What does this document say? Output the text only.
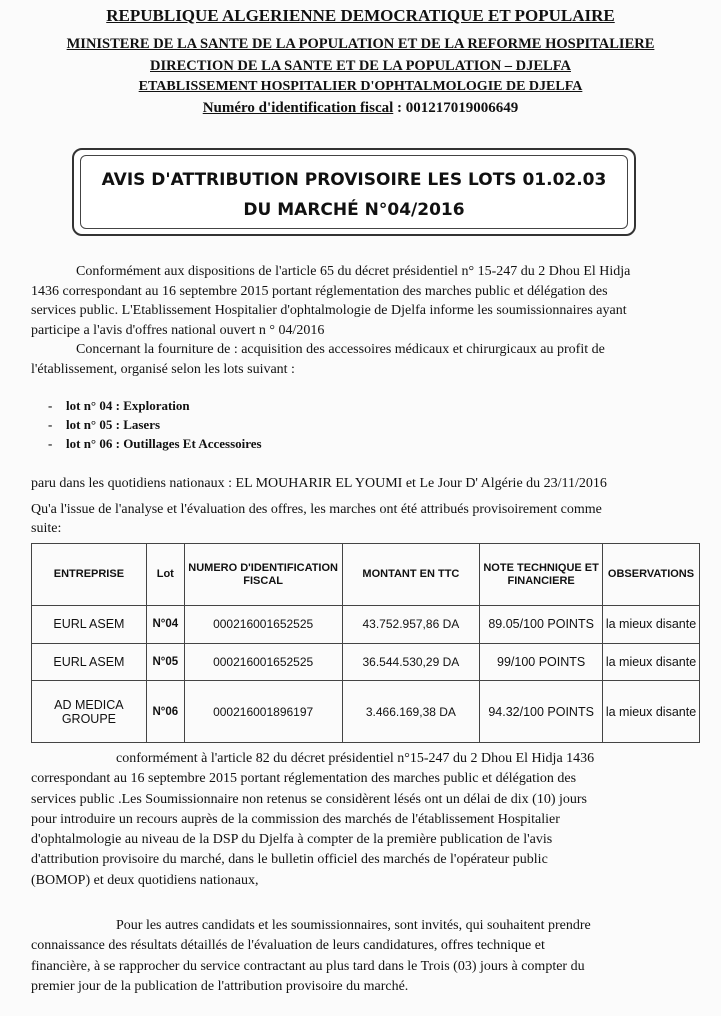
REPUBLIQUE ALGERIENNE DEMOCRATIQUE ET POPULAIRE
MINISTERE DE LA SANTE DE LA POPULATION ET DE LA REFORME HOSPITALIERE
DIRECTION DE LA SANTE ET DE LA POPULATION – DJELFA
ETABLISSEMENT HOSPITALIER D'OPHTALMOLOGIE DE DJELFA
Numéro d'identification fiscal : 001217019006649
AVIS D'ATTRIBUTION PROVISOIRE LES LOTS 01.02.03
DU MARCHÉ N°04/2016
Conformément aux dispositions de l'article 65 du décret présidentiel n° 15-247 du 2 Dhou El Hidja
1436 correspondant au 16 septembre 2015 portant réglementation des marches public et délégation des
services public. L'Etablissement Hospitalier d'ophtalmologie de Djelfa informe les soumissionnaires ayant
participe a l'avis d'offres national ouvert n ° 04/2016
Concernant la fourniture de : acquisition des accessoires médicaux et chirurgicaux au profit de
l'établissement, organisé selon les lots suivant :
- lot n° 04 : Exploration
- lot n° 05 : Lasers
- lot n° 06 : Outillages Et Accessoires
paru dans les quotidiens nationaux : EL MOUHARIR EL YOUMI et Le Jour D' Algérie du 23/11/2016
Qu'a l'issue de l'analyse et l'évaluation des offres, les marches ont été attribués provisoirement comme
suite:
ENTREPRISE	Lot	NUMERO D'IDENTIFICATION FISCAL	MONTANT EN TTC	NOTE TECHNIQUE ET FINANCIERE	OBSERVATIONS
EURL ASEM	N°04	000216001652525	43.752.957,86 DA	89.05/100 POINTS	la mieux disante
EURL ASEM	N°05	000216001652525	36.544.530,29 DA	99/100 POINTS	la mieux disante
AD MEDICA GROUPE	N°06	000216001896197	3.466.169,38 DA	94.32/100 POINTS	la mieux disante
conformément à l'article 82 du décret présidentiel n°15-247 du 2 Dhou El Hidja 1436
correspondant au 16 septembre 2015 portant réglementation des marches public et délégation des
services public .Les Soumissionnaire non retenus se considèrent lésés ont un délai de dix (10) jours
pour introduire un recours auprès de la commission des marchés de l'établissement Hospitalier
d'ophtalmologie au niveau de la DSP du Djelfa à compter de la première publication de l'avis
d'attribution provisoire du marché, dans le bulletin officiel des marchés de l'opérateur public
(BOMOP) et deux quotidiens nationaux,
Pour les autres candidats et les soumissionnaires, sont invités, qui souhaitent prendre
connaissance des résultats détaillés de l'évaluation de leurs candidatures, offres technique et
financière, à se rapprocher du service contractant au plus tard dans le Trois (03) jours à compter du
premier jour de la publication de l'attribution provisoire du marché.
